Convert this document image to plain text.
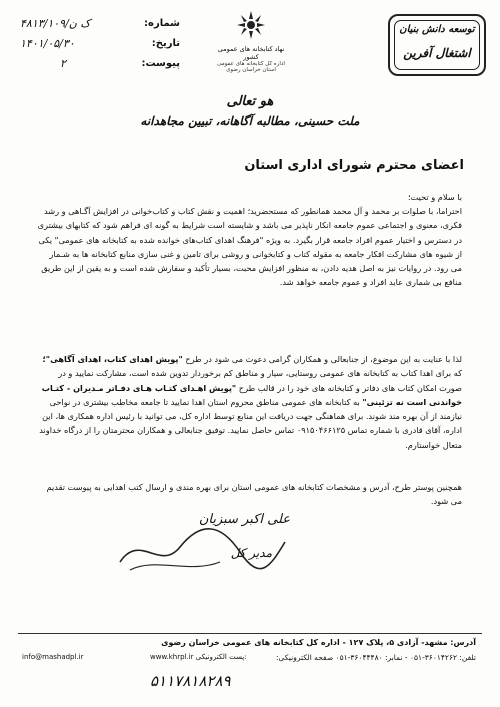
توسعه دانش بنیان
اشتغال آفرین
نهاد کتابخانه های عمومی کشور
اداره کل کتابخانه های عمومی استان خراسان رضوی
شماره:
۴۸۱۳/۱۰۹/ک ن
تاریخ:
۱۴۰۱/۰۵/۳۰
پیوست:
۲
هو تعالی
ملت حسینی، مطالبه آگاهانه، تبیین مجاهدانه
اعضای محترم شورای اداری استان
با سلام و تحیت؛

احتراما، با صلوات بر محمد و آل محمد همانطور که مستحضرید؛ اهمیت و نقش کتاب و کتاب‌خوانی در افزایش آگـاهی و رشد فکری، معنوی و اجتماعی عموم جامعه انکار ناپذیر می باشد و شایسته است شرایط به گونه ای فراهم شود که کتابهای بیشتری در دسترس و اختیار عموم افراد جامعه قرار بگیرد. به ویژه "فرهنگ اهدای کتاب‌های خوانده شده به کتابخانه های عمومی" یکی از شیوه های مشارکت افکار جامعه به مقوله کتاب و کتابخوانی و روشی برای تامین و غنی سازی منابع کتابخانه ها به شـمار می رود. در روایات نیز به اصل هدیه دادن، به منظور افزایش محبت، بسیار تأکید و سفارش شده است و به یقین از این طریق منافع بی شماری عاید افراد و عموم جامعه خواهد شد.

لذا با عنایت به این موضوع، از جنابعالی و همکاران گرامی دعوت می شود در طرح "پویش اهدای کتاب، اهدای آگاهی"؛ که برای اهدا کتاب به کتابخانه های عمومی روستایی، سیار و مناطق کم برخوردار تدوین شده است، مشارکت نمایید و در صورت امکان کتاب های دفاتر و کتابخانه های خود را در قالب طرح "پویش اهـدای کتـاب هـای دفـاتر مـدیران - کتـاب خواندنی است نه تزئینی" به کتابخانه های عمومی مناطق محروم استان اهدا نمایید تا جامعه مخاطب بیشتری در نواحی نیازمند از آن بهره مند شوند. برای هماهنگی جهت دریافت این منابع توسط اداره کل، می توانید با رئیس اداره همکاری ها، این اداره، آقای قادری با شماره تماس ۰۹۱۵۰۴۶۶۱۲۵ تماس حاصل نمایید. توفیق جنابعالی و همکاران محترمتان را از درگاه خداوند متعال خواستارم.

همچنین پوستر طرح، آدرس و مشخصات کتابخانه های عمومی استان برای بهره مندی و ارسال کتب اهدایی به پیوست تقدیم می شود.

علی اکبر سبزیان
مدیر کل
آدرس: مشهد- آزادی ۵، پلاک ۱۲۷ - اداره کل کتابخانه های عمومی خراسان رضوی
تلفن: ۳۶۰۱۴۲۶۲-۰۵۱ - نمابر: ۳۶۰۴۴۴۸۰-۰۵۱ صفحه الکترونیکی:
www.khrpl.ir پست الکترونیکی:
info@mashadpl.ir
۵۱۱۷۸۱۸۲۸۹
